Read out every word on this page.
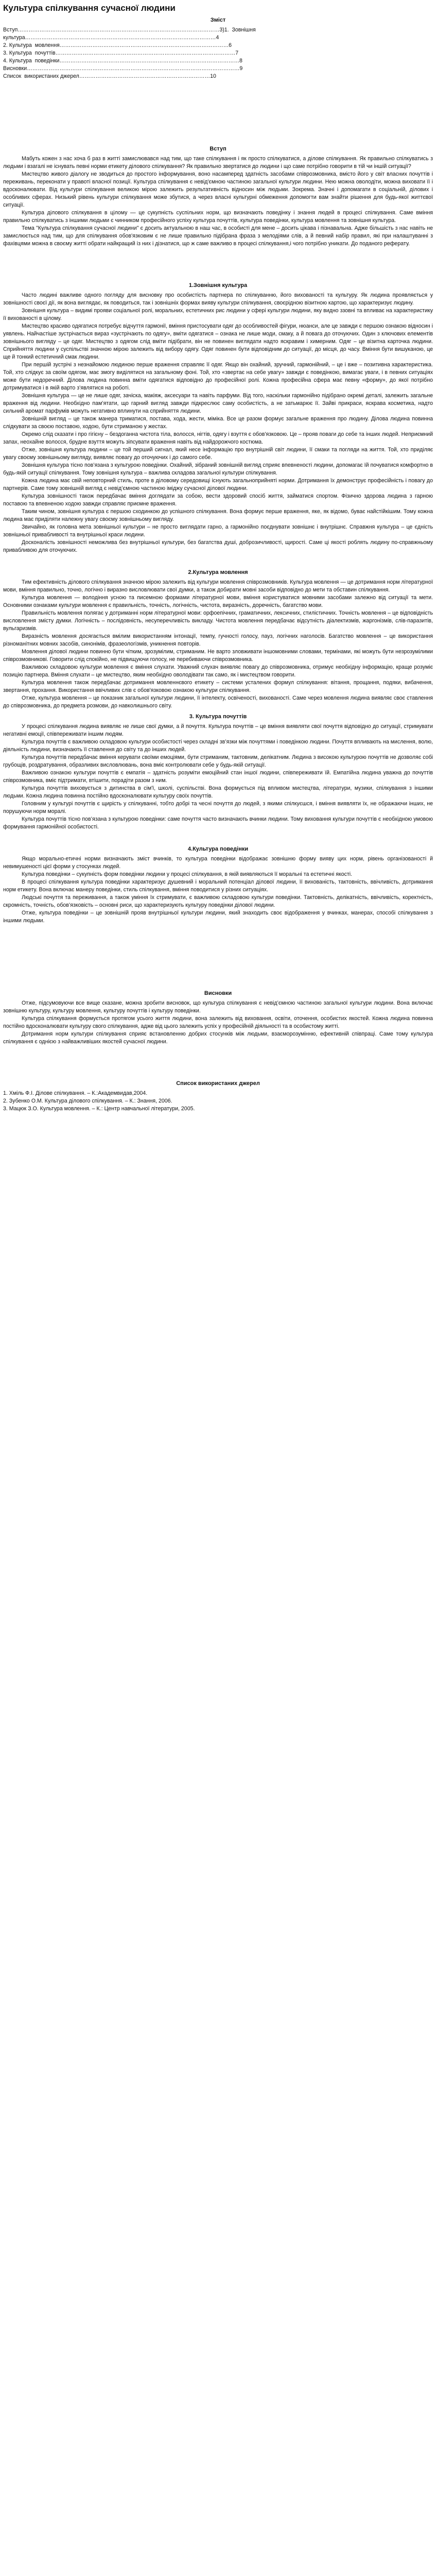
Культура спілкування сучасної людини
Зміст
Вступ…………………………………………………………………………………………………3)1.  Зовнішня
культура……………………………………………………………………………………………4
2. Культура  мовлення…………………………………………………………………………………6
3. Культура  почуттів………………………………………………………………………………………7
4. Культура  поведінки………………………………………………………………………………………8
Висновки………………………………………………………………………………………………………9
Список  використаних джерел………………………………………………………………10
Вступ

Мабуть кожен з нас хоча б раз в житті замислювався над тим, що таке спілкування і як просто спілкуватися, а ділове спілкування. Як правильно спілкуватись з людьми і взагалі не існувать певні норми етикету ділового спілкування? Як правильно звертатися до людини і що саме потрібно говорити в тій чи іншій ситуації?

Мистецтво живого діалогу не зводиться до простого інформування, воно насамперед здатність засобами співрозмовника, вмісто його у світ власних почуттів і переживань, переконати у правоті власної позиції. Культура спілкування є невід'ємною частиною загальної культури людини. Нею можна оволодіти, можна виховати її і вдосконалювати. Від культури спілкування великою мірою залежить результативність відносин між людьми. Зокрема. Значні і допомагати в соціальній, ділових і особливих сферах. Низький рівень культури спілкування може збутися, а через власні культурні обмеження допомогти вам знайти рішення для будь-якої життєвої ситуації.

Культура ділового спілкування в цілому — це сукупність суспільних норм, що визначають поведінку і знання людей в процесі спілкування. Саме вміння правильно спілкуватись з іншими людьми є чинником професійного успіху культура почуттів, культура поведінки, культура мовлення та зовнішня культура.

Тема "Культура спілкування сучасної людини" є досить актуальною в наш час, в особисті для мене – досить цікава і пізнавальна. Адже більшість з нас навіть не замислюється над тим, що для спілкування обов'язковим є не лише правильно підібрана фраза з мелодіями слів, а й певний набір правил, які при налаштуванні з фахівцями можна в своєму житті обрати найкращий із них і дізнатися, що ж саме важливо в процесі спілкування,і чого потрібно уникати. До поданого реферату.

1.Зовнішня культура

Часто людині важливе одного погляду для висновку про особистість партнера по спілкуванню, його вихованості та культуру. Як людина проявляється у зовнішності своєї дії, як вона виглядає, як поводиться, так і зовнішніх формах вияву культури спілкування, своєрідною візитною картою, що характеризує людину.

Зовнішня культура – видимі прояви соціальної ролі, моральних, естетичних рис людини у сфері культури людини, яку видно ззовні та впливає на характеристику її вихованості в цілому.

Мистецтво красиво одягатися потребує відчуття гармонії, вміння пристосувати одяг до особливостей фігури, нюанси, але це завжди є першою ознакою відносин і уявлень. Найчастіше зустрічається вираз «зустрічають по одягу», вміти одягатися – ознака не лише моди, смаку, а й повага до оточуючих. Один з ключових елементів зовнішнього вигляду – це одяг. Мистецтво з одягом слід вміти підібрати, він не повинен виглядати надто яскравим і химерним. Одяг – це візитна карточка людини. Сприйняття людини у суспільстві значною мірою залежить від вибору одягу. Одяг повинен бути відповідним до ситуації, до місця, до часу. Вміння бути вишуканою, це ще й тонкий естетичний смак людини.

При першій зустрічі з незнайомою людиною перше враження справляє її одяг. Якщо він охайний, зручний, гармонійний, – це і вже – позитивна характеристика. Той, хто слідкує за своїм одягом, має змогу виділятися на загальному фоні. Той, хто «звертає на себе увагу» завжди є поведінкою, вимагає уваги, і в певних ситуаціях може бути недоречний. Ділова людина повинна вміти одягатися відповідно до професійної ролі. Кожна професійна сфера має певну «форму», до якої потрібно дотримуватися і в якій варто з’являтися на роботі.

Зовнішня культура — це не лише одяг, зачіска, макіяж, аксесуари та навіть парфуми. Від того, наскільки гармонійно підібрано окремі деталі, залежить загальне враження від людини. Необхідно пам’ятати, що гарний вигляд завжди підкреслює саму особистість, а не затьмарює її. Зайві прикраси, яскрава косметика, надто сильний аромат парфумів можуть негативно вплинути на сприйняття людини.

Зовнішній вигляд – це також манера триматися, постава, хода, жести, міміка. Все це разом формує загальне враження про людину. Ділова людина повинна слідкувати за своєю поставою, ходою, бути стриманою у жестах.

Окремо слід сказати і про гігієну – бездоганна чистота тіла, волосся, нігтів, одягу і взуття є обов'язковою. Це – прояв поваги до себе та інших людей. Неприємний запах, неохайне волосся, брудне взуття можуть зіпсувати враження навіть від найдорожчого костюма.

Отже, зовнішня культура людини – це той перший сигнал, який несе інформацію про внутрішній світ людини, її смаки та погляди на життя. Той, хто приділяє увагу своєму зовнішньому вигляду, виявляє повагу до оточуючих і до самого себе.

Зовнішня культура тісно пов’язана з культурою поведінки. Охайний, зібраний зовнішній вигляд сприяє впевненості людини, допомагає їй почуватися комфортно в будь-якій ситуації спілкування. Тому зовнішня культура – важлива складова загальної культури спілкування.

Кожна людина має свій неповторний стиль, проте в діловому середовищі існують загальноприйняті норми. Дотримання їх демонструє професійність і повагу до партнерів. Саме тому зовнішній вигляд є невід’ємною частиною іміджу сучасної ділової людини.

Культура зовнішності також передбачає вміння доглядати за собою, вести здоровий спосіб життя, займатися спортом. Фізично здорова людина з гарною поставою та впевненою ходою завжди справляє приємне враження.

Таким чином, зовнішня культура є першою сходинкою до успішного спілкування. Вона формує перше враження, яке, як відомо, буває найстійкішим. Тому кожна людина має приділяти належну увагу своєму зовнішньому вигляду.

Звичайно, як головна мета зовнішньої культури – не просто виглядати гарно, а гармонійно поєднувати зовнішнє і внутрішнє. Справжня культура – це єдність зовнішньої привабливості та внутрішньої краси людини.

Досконалість зовнішності неможлива без внутрішньої культури, без багатства душі, доброзичливості, щирості. Саме ці якості роблять людину по-справжньому привабливою для оточуючих.

2.Культура мовлення

Тим ефективність ділового спілкування значною мірою залежить від культури мовлення співрозмовників. Культура мовлення — це дотримання норм літературної мови, вміння правильно, точно, логічно і виразно висловлювати свої думки, а також добирати мовні засоби відповідно до мети та обставин спілкування.

Культура мовлення — володіння усною та писемною формами літературної мови, вміння користуватися мовними засобами залежно від ситуації та мети. Основними ознаками культури мовлення є правильність, точність, логічність, чистота, виразність, доречність, багатство мови.

Правильність мовлення полягає у дотриманні норм літературної мови: орфоепічних, граматичних, лексичних, стилістичних. Точність мовлення – це відповідність висловлення змісту думки. Логічність – послідовність, несуперечливість викладу. Чистота мовлення передбачає відсутність діалектизмів, жаргонізмів, слів-паразитів, вульгаризмів.

Виразність мовлення досягається вмілим використанням інтонації, темпу, гучності голосу, пауз, логічних наголосів. Багатство мовлення – це використання різноманітних мовних засобів, синонімів, фразеологізмів, уникнення повторів.

Мовлення ділової людини повинно бути чітким, зрозумілим, стриманим. Не варто зловживати іншомовними словами, термінами, які можуть бути незрозумілими співрозмовникові. Говорити слід спокійно, не підвищуючи голосу, не перебиваючи співрозмовника.

Важливою складовою культури мовлення є вміння слухати. Уважний слухач виявляє повагу до співрозмовника, отримує необхідну інформацію, краще розуміє позицію партнера. Вміння слухати – це мистецтво, яким необхідно оволодівати так само, як і мистецтвом говорити.

Культура мовлення також передбачає дотримання мовленнєвого етикету – системи усталених формул спілкування: вітання, прощання, подяки, вибачення, звертання, прохання. Використання ввічливих слів є обов'язковою ознакою культури спілкування.

Отже, культура мовлення – це показник загальної культури людини, її інтелекту, освіченості, вихованості. Саме через мовлення людина виявляє своє ставлення до співрозмовника, до предмета розмови, до навколишнього світу.

3. Культура почуттів

У процесі спілкування людина виявляє не лише свої думки, а й почуття. Культура почуттів – це вміння виявляти свої почуття відповідно до ситуації, стримувати негативні емоції, співпереживати іншим людям.

Культура почуттів є важливою складовою культури особистості через складні зв’язки між почуттями і поведінкою людини. Почуття впливають на мислення, волю, діяльність людини, визначають її ставлення до світу та до інших людей.

Культура почуттів передбачає вміння керувати своїми емоціями, бути стриманим, тактовним, делікатним. Людина з високою культурою почуттів не дозволяє собі грубощів, роздратування, образливих висловлювань, вона вміє контролювати себе у будь-якій ситуації.

Важливою ознакою культури почуттів є емпатія – здатність розуміти емоційний стан іншої людини, співпереживати їй. Емпатійна людина уважна до почуттів співрозмовника, вміє підтримати, втішити, порадіти разом з ним.

Культура почуттів виховується з дитинства в сім'ї, школі, суспільстві. Вона формується під впливом мистецтва, літератури, музики, спілкування з іншими людьми. Кожна людина повинна постійно вдосконалювати культуру своїх почуттів.

Головним у культурі почуттів є щирість у спілкуванні, тобто добрі та чесні почуття до людей, з якими спілкуєшся, і вміння виявляти їх, не ображаючи інших, не порушуючи норм моралі.

Культура почуттів тісно пов’язана з культурою поведінки: саме почуття часто визначають вчинки людини. Тому виховання культури почуттів є необхідною умовою формування гармонійної особистості.

4.Культура поведінки

Якщо морально-етичні норми визначають зміст вчинків, то культура поведінки відображає зовнішню форму вияву цих норм, рівень організованості й невимушеності цієї форми у стосунках людей.

Культура поведінки – сукупність форм поведінки людини у процесі спілкування, в якій виявляються її моральні та естетичні якості.

В процесі спілкування культура поведінки характеризує душевний і моральний потенціал ділової людини, її вихованість, тактовність, ввічливість, дотримання норм етикету. Вона включає манеру поведінки, стиль спілкування, вміння поводитися у різних ситуаціях.

Людські почуття та переживання, а також уміння їх стримувати, є важливою складовою культури поведінки. Тактовність, делікатність, ввічливість, коректність, скромність, точність, обов’язковість – основні риси, що характеризують культуру поведінки ділової людини.

Отже, культура поведінки – це зовнішній прояв внутрішньої культури людини, який знаходить своє відображення у вчинках, манерах, способі спілкування з іншими людьми.

Висновки

Отже, підсумовуючи все вище сказане, можна зробити висновок, що культура спілкування є невід’ємною частиною загальної культури людини. Вона включає зовнішню культуру, культуру мовлення, культуру почуттів і культуру поведінки.

Культура спілкування формується протягом усього життя людини, вона залежить від виховання, освіти, оточення, особистих якостей. Кожна людина повинна постійно вдосконалювати культуру свого спілкування, адже від цього залежить успіх у професійній діяльності та в особистому житті.

Дотримання норм культури спілкування сприяє встановленню добрих стосунків між людьми, взаєморозумінню, ефективній співпраці. Саме тому культура спілкування є однією з найважливіших якостей сучасної людини.

Список використаних джерел
1. Хміль Ф.І. Ділове спілкування. – К.:Академвидав,2004.
2. Зубенко О.М. Культура ділового спілкування. – К.: Знання, 2006.
3. Мацюк З.О. Культура мовлення. – К.: Центр навчальної літератури, 2005.
